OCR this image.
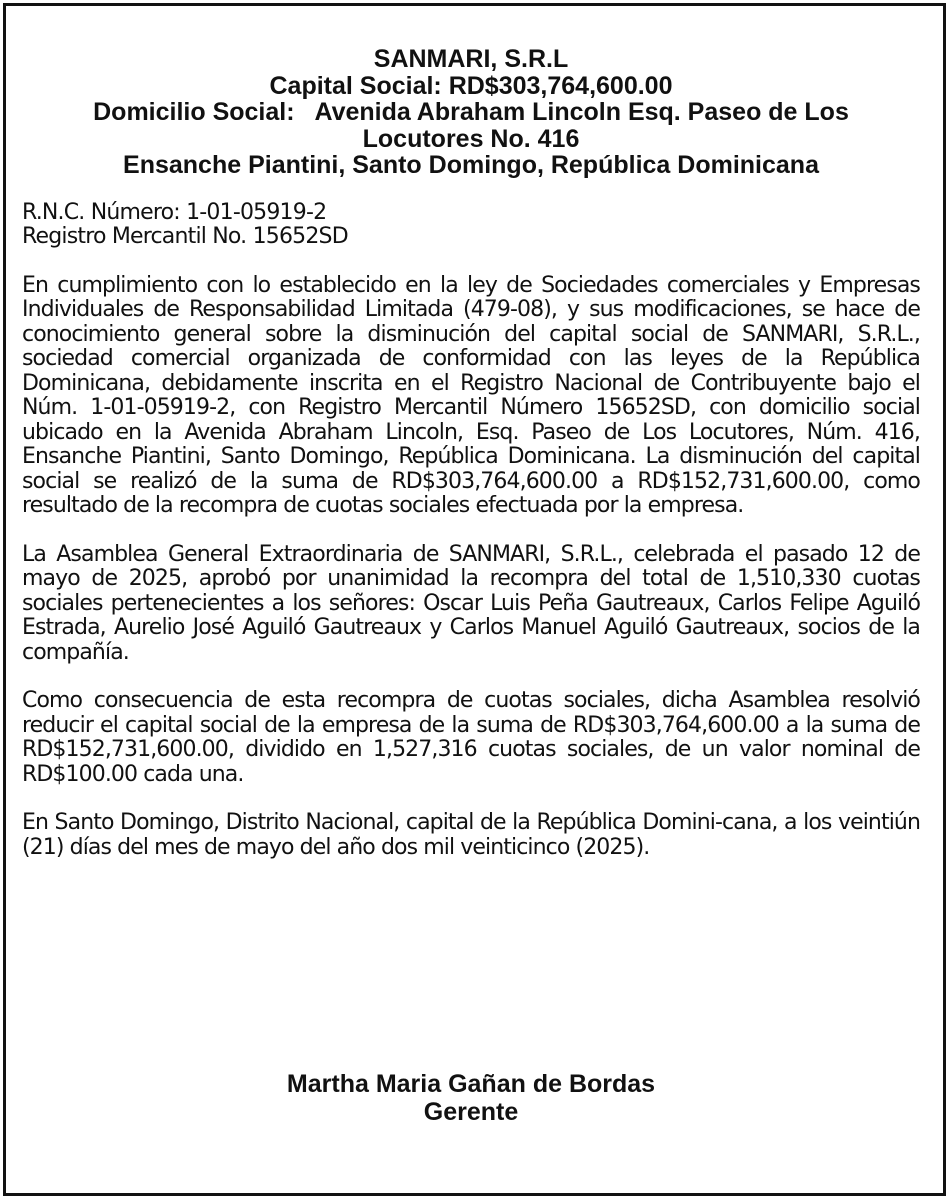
SANMARI, S.R.L
Capital Social: RD$303,764,600.00
Domicilio Social:   Avenida Abraham Lincoln Esq. Paseo de Los
Locutores No. 416
Ensanche Piantini, Santo Domingo, República Dominicana
R.N.C. Número: 1-01-05919-2
Registro Mercantil No. 15652SD

En cumplimiento con lo establecido en la ley de Sociedades comerciales y Empresas Individuales de Responsabilidad Limitada (479-08), y sus modificaciones, se hace de conocimiento general sobre la disminución del capital social de SANMARI, S.R.L., sociedad comercial organizada de conformidad con las leyes de la República Dominicana, debidamente inscrita en el Registro Nacional de Contribuyente bajo el Núm. 1-01-05919-2, con Registro Mercantil Número 15652SD, con domicilio social ubicado en la Avenida Abraham Lincoln, Esq. Paseo de Los Locutores, Núm. 416, Ensanche Piantini, Santo Domingo, República Dominicana. La disminución del capital social se realizó de la suma de RD$303,764,600.00 a RD$152,731,600.00, como resultado de la recompra de cuotas sociales efectuada por la empresa.

La Asamblea General Extraordinaria de SANMARI, S.R.L., celebrada el pasado 12 de mayo de 2025, aprobó por unanimidad la recompra del total de 1,510,330 cuotas sociales pertenecientes a los señores: Oscar Luis Peña Gautreaux, Carlos Felipe Aguiló Estrada, Aurelio José Aguiló Gautreaux y Carlos Manuel Aguiló Gautreaux, socios de la compañía.

Como consecuencia de esta recompra de cuotas sociales, dicha Asamblea resolvió reducir el capital social de la empresa de la suma de RD$303,764,600.00 a la suma de RD$152,731,600.00, dividido en 1,527,316 cuotas sociales, de un valor nominal de RD$100.00 cada una.

En Santo Domingo, Distrito Nacional, capital de la República Domini-cana, a los veintiún (21) días del mes de mayo del año dos mil veinticinco (2025).

Martha Maria Gañan de Bordas
Gerente
